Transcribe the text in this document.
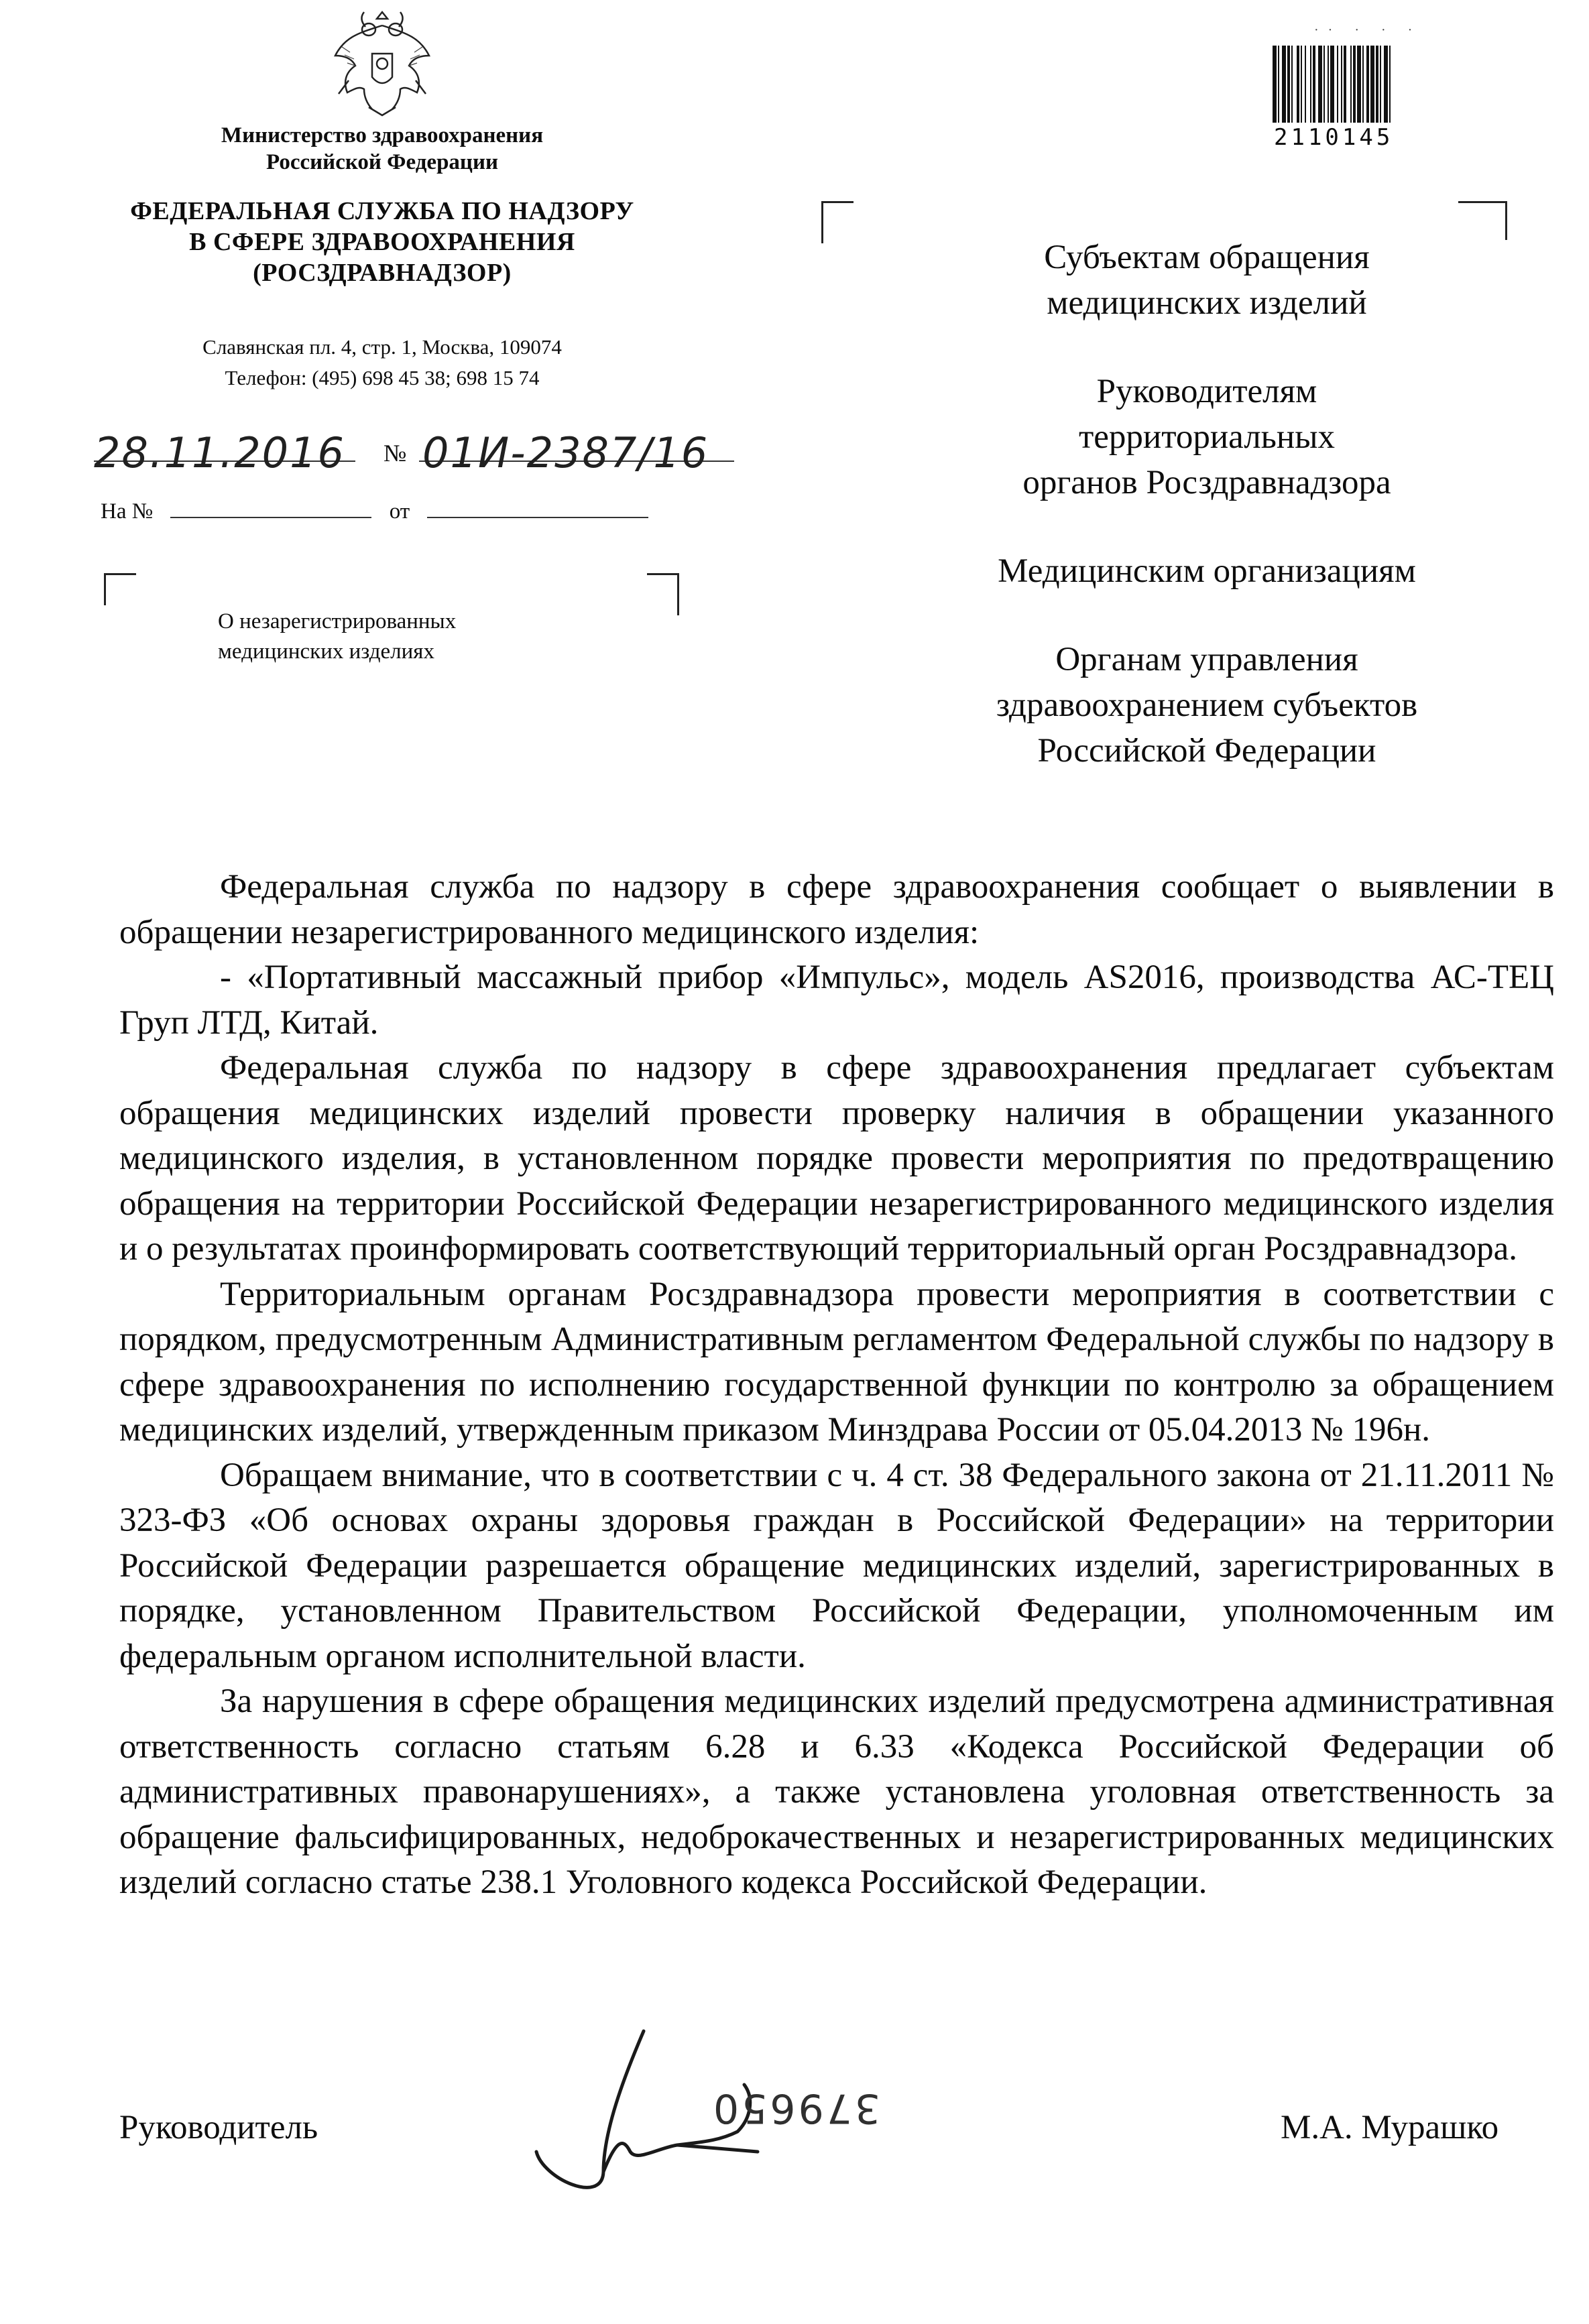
Министерство здравоохранения
Российской Федерации
ФЕДЕРАЛЬНАЯ СЛУЖБА ПО НАДЗОРУ
В СФЕРЕ ЗДРАВООХРАНЕНИЯ
(РОСЗДРАВНАДЗОР)
Славянская пл. 4, стр. 1, Москва, 109074
Телефон: (495) 698 45 38; 698 15 74
28.11.2016 № 01И-2387/16
На №	от
О незарегистрированных
медицинских изделиях
·· · · ·
2110145

Субъектам обращения
медицинских изделий

Руководителям
территориальных
органов Росздравнадзора

Медицинским организациям

Органам управления
здравоохранением субъектов
Российской Федерации

Федеральная служба по надзору в сфере здравоохранения сообщает о выявлении в обращении незарегистрированного медицинского изделия:

- «Портативный массажный прибор «Импульс», модель AS2016, производства АС-ТЕЦ Груп ЛТД, Китай.

Федеральная служба по надзору в сфере здравоохранения предлагает субъектам обращения медицинских изделий провести проверку наличия в обращении указанного медицинского изделия, в установленном порядке провести мероприятия по предотвращению обращения на территории Российской Федерации незарегистрированного медицинского изделия и о результатах проинформировать соответствующий территориальный орган Росздравнадзора.

Территориальным органам Росздравнадзора провести мероприятия в соответствии с порядком, предусмотренным Административным регламентом Федеральной службы по надзору в сфере здравоохранения по исполнению государственной функции по контролю за обращением медицинских изделий, утвержденным приказом Минздрава России от 05.04.2013 № 196н.

Обращаем внимание, что в соответствии с ч. 4 ст. 38 Федерального закона от 21.11.2011 № 323-ФЗ «Об основах охраны здоровья граждан в Российской Федерации» на территории Российской Федерации разрешается обращение медицинских изделий, зарегистрированных в порядке, установленном Правительством Российской Федерации, уполномоченным им федеральным органом исполнительной власти.

За нарушения в сфере обращения медицинских изделий предусмотрена административная ответственность согласно статьям 6.28 и 6.33 «Кодекса Российской Федерации об административных правонарушениях», а также установлена уголовная ответственность за обращение фальсифицированных, недоброкачественных и незарегистрированных медицинских изделий согласно статье 238.1 Уголовного кодекса Российской Федерации.

Руководитель	379650	М.А. Мурашко
